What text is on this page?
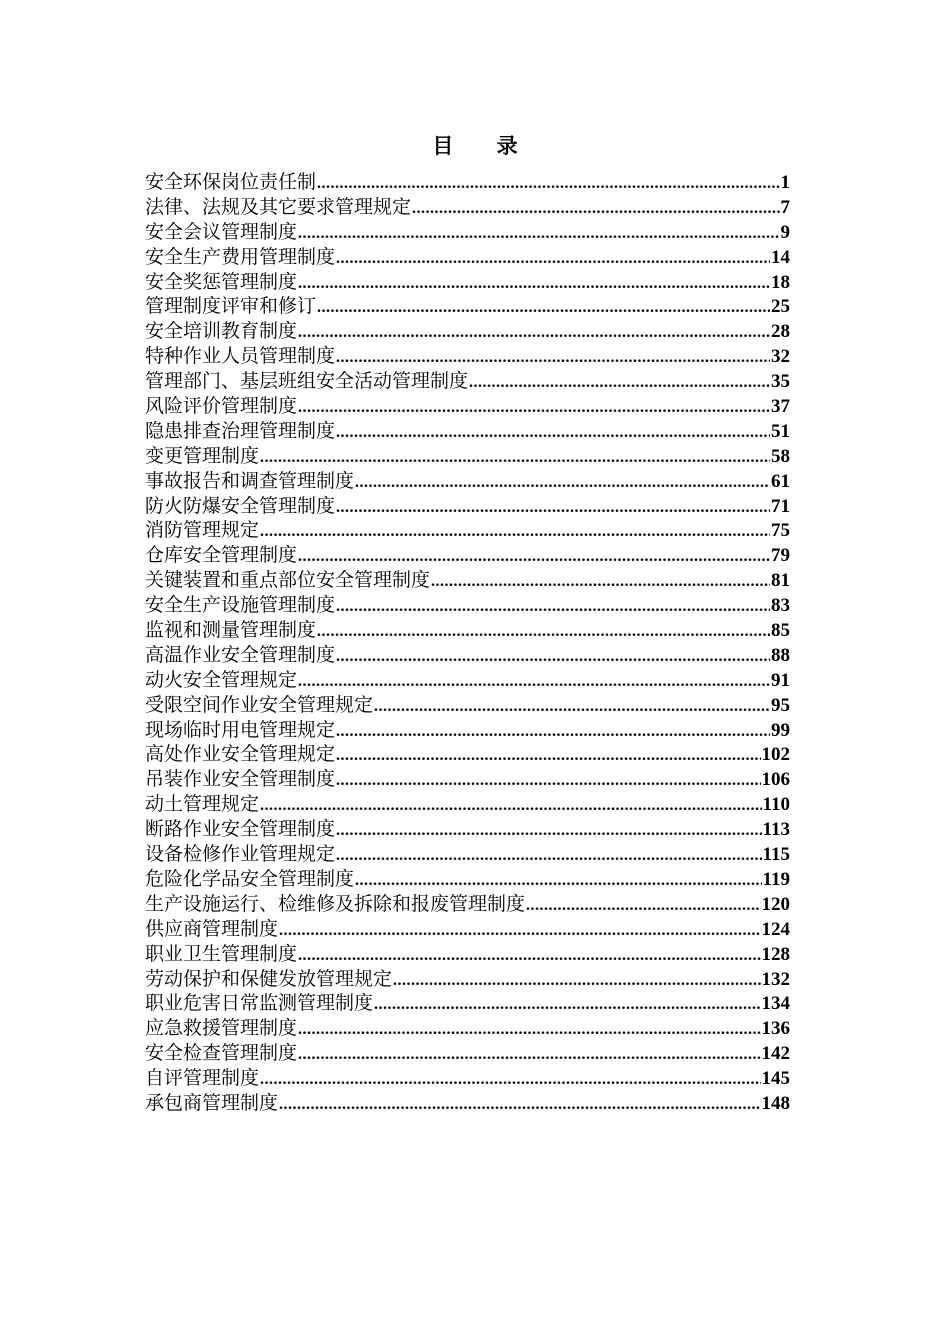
目 录
安全环保岗位责任制 .....	1
法律、法规及其它要求管理规定 .....	7
安全会议管理制度 .....	9
安全生产费用管理制度 .....	14
安全奖惩管理制度 .....	18
管理制度评审和修订 .....	25
安全培训教育制度 .....	28
特种作业人员管理制度 .....	32
管理部门、基层班组安全活动管理制度 .....	35
风险评价管理制度 .....	37
隐患排查治理管理制度 .....	51
变更管理制度 .....	58
事故报告和调查管理制度 .....	61
防火防爆安全管理制度 .....	71
消防管理规定 .....	75
仓库安全管理制度 .....	79
关键装置和重点部位安全管理制度 .....	81
安全生产设施管理制度 .....	83
监视和测量管理制度 .....	85
高温作业安全管理制度 .....	88
动火安全管理规定 .....	91
受限空间作业安全管理规定 .....	95
现场临时用电管理规定 .....	99
高处作业安全管理规定 .....	102
吊装作业安全管理制度 .....	106
动土管理规定 .....	110
断路作业安全管理制度 .....	113
设备检修作业管理规定 .....	115
危险化学品安全管理制度 .....	119
生产设施运行、检维修及拆除和报废管理制度 .....	120
供应商管理制度 .....	124
职业卫生管理制度 .....	128
劳动保护和保健发放管理规定 .....	132
职业危害日常监测管理制度 .....	134
应急救援管理制度 .....	136
安全检查管理制度 .....	142
自评管理制度 .....	145
承包商管理制度 .....	148
